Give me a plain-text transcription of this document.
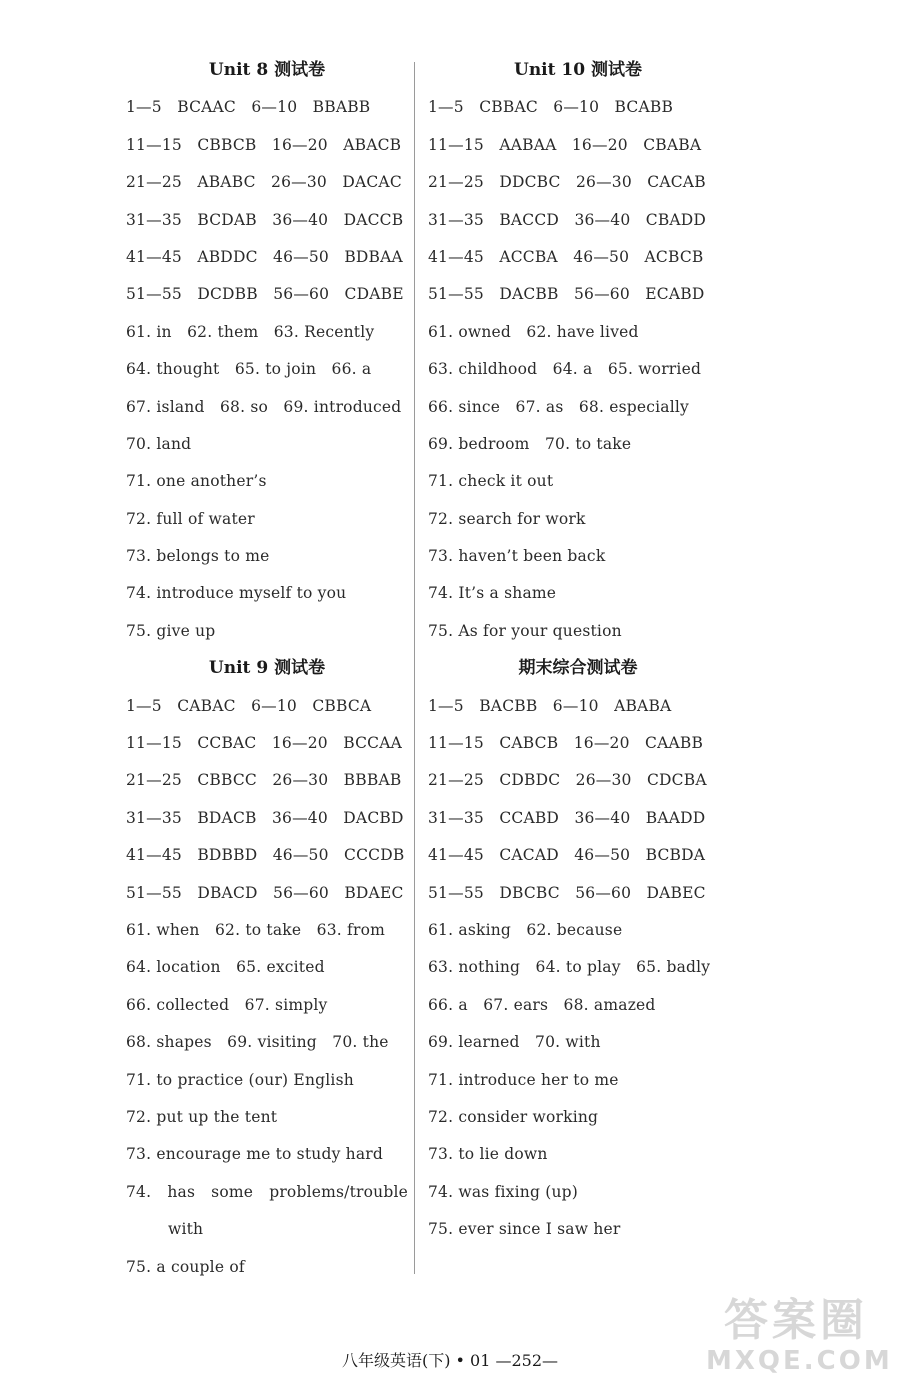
Unit 8 测试卷
1—5   BCAAC   6—10   BBABB
11—15   CBBCB   16—20   ABACB
21—25   ABABC   26—30   DACAC
31—35   BCDAB   36—40   DACCB
41—45   ABDDC   46—50   BDBAA
51—55   DCDBB   56—60   CDABE
61. in   62. them   63. Recently
64. thought   65. to join   66. a
67. island   68. so   69. introduced
70. land
71. one another’s
72. full of water
73. belongs to me
74. introduce myself to you
75. give up
Unit 9 测试卷
1—5   CABAC   6—10   CBBCA
11—15   CCBAC   16—20   BCCAA
21—25   CBBCC   26—30   BBBAB
31—35   BDACB   36—40   DACBD
41—45   BDBBD   46—50   CCCDB
51—55   DBACD   56—60   BDAEC
61. when   62. to take   63. from
64. location   65. excited
66. collected   67. simply
68. shapes   69. visiting   70. the
71. to practice (our) English
72. put up the tent
73. encourage me to study hard
74. has some problems/trouble
with
75. a couple of
Unit 10 测试卷
1—5   CBBAC   6—10   BCABB
11—15   AABAA   16—20   CBABA
21—25   DDCBC   26—30   CACAB
31—35   BACCD   36—40   CBADD
41—45   ACCBA   46—50   ACBCB
51—55   DACBB   56—60   ECABD
61. owned   62. have lived
63. childhood   64. a   65. worried
66. since   67. as   68. especially
69. bedroom   70. to take
71. check it out
72. search for work
73. haven’t been back
74. It’s a shame
75. As for your question
期末综合测试卷
1—5   BACBB   6—10   ABABA
11—15   CABCB   16—20   CAABB
21—25   CDBDC   26—30   CDCBA
31—35   CCABD   36—40   BAADD
41—45   CACAD   46—50   BCBDA
51—55   DBCBC   56—60   DABEC
61. asking   62. because
63. nothing   64. to play   65. badly
66. a   67. ears   68. amazed
69. learned   70. with
71. introduce her to me
72. consider working
73. to lie down
74. was fixing (up)
75. ever since I saw her
八年级英语(下) • 01 —252—
答案圈
MXQE.COM
